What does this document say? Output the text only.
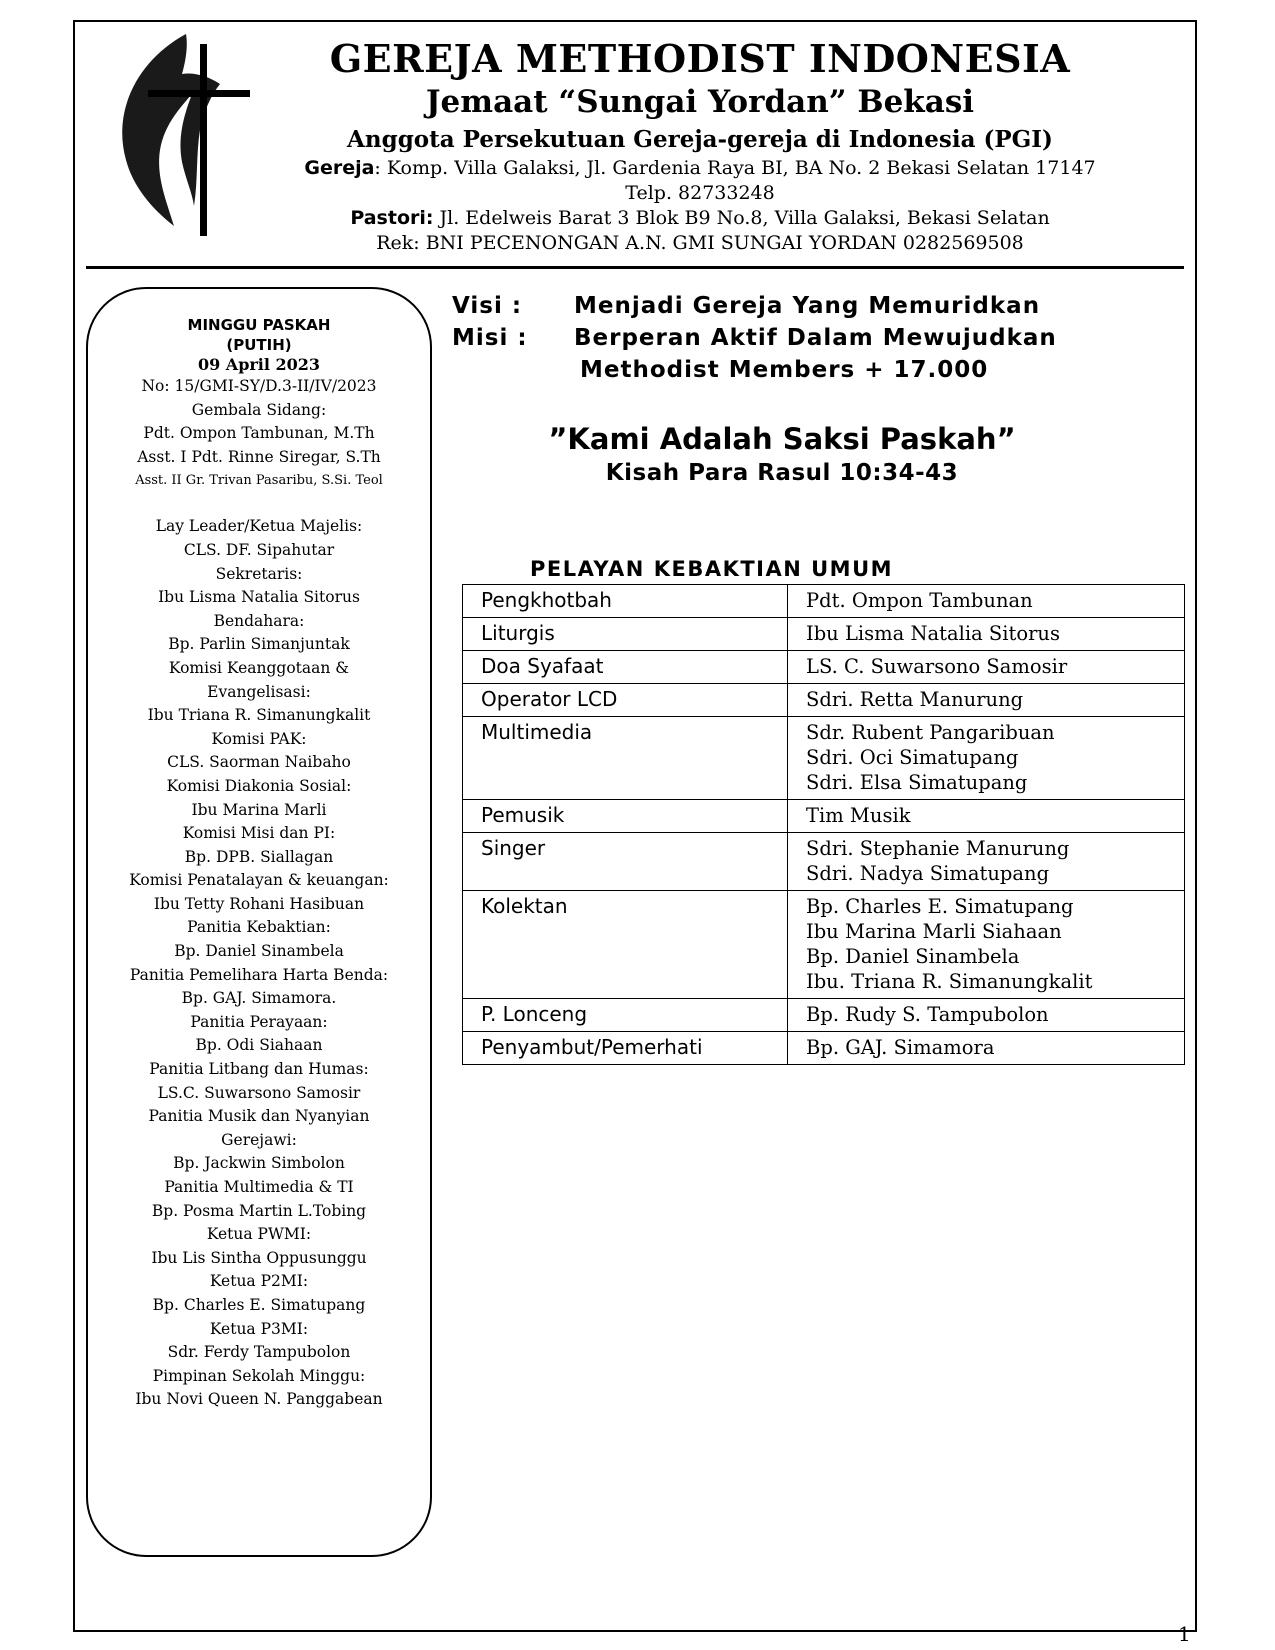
GEREJA METHODIST INDONESIA
Jemaat “Sungai Yordan” Bekasi
Anggota Persekutuan Gereja-gereja di Indonesia (PGI)
Gereja: Komp. Villa Galaksi, Jl. Gardenia Raya BI, BA No. 2 Bekasi Selatan 17147
Telp. 82733248
Pastori: Jl. Edelweis Barat 3 Blok B9 No.8, Villa Galaksi, Bekasi Selatan
Rek: BNI PECENONGAN A.N. GMI SUNGAI YORDAN 0282569508
MINGGU PASKAH
(PUTIH)
09 April 2023
No: 15/GMI-SY/D.3-II/IV/2023
Gembala Sidang:
Pdt. Ompon Tambunan, M.Th
Asst. I Pdt. Rinne Siregar, S.Th
Asst. II Gr. Trivan Pasaribu, S.Si. Teol
Lay Leader/Ketua Majelis:
CLS. DF. Sipahutar
Sekretaris:
Ibu Lisma Natalia Sitorus
Bendahara:
Bp. Parlin Simanjuntak
Komisi Keanggotaan &
Evangelisasi:
Ibu Triana R. Simanungkalit
Komisi PAK:
CLS. Saorman Naibaho
Komisi Diakonia Sosial:
Ibu Marina Marli
Komisi Misi dan PI:
Bp. DPB. Siallagan
Komisi Penatalayan & keuangan:
Ibu Tetty Rohani Hasibuan
Panitia Kebaktian:
Bp. Daniel Sinambela
Panitia Pemelihara Harta Benda:
Bp. GAJ. Simamora.
Panitia Perayaan:
Bp. Odi Siahaan
Panitia Litbang dan Humas:
LS.C. Suwarsono Samosir
Panitia Musik dan Nyanyian
Gerejawi:
Bp. Jackwin Simbolon
Panitia Multimedia & TI
Bp. Posma Martin L.Tobing
Ketua PWMI:
Ibu Lis Sintha Oppusunggu
Ketua P2MI:
Bp. Charles E. Simatupang
Ketua P3MI:
Sdr. Ferdy Tampubolon
Pimpinan Sekolah Minggu:
Ibu Novi Queen N. Panggabean
Visi :	Menjadi Gereja Yang Memuridkan
Misi :	Berperan Aktif Dalam Mewujudkan
Methodist Members + 17.000
”Kami Adalah Saksi Paskah”
Kisah Para Rasul 10:34-43
PELAYAN KEBAKTIAN UMUM
Pengkhotbah	Pdt. Ompon Tambunan

Liturgis	Ibu Lisma Natalia Sitorus

Doa Syafaat	LS. C. Suwarsono Samosir

Operator LCD	Sdri. Retta Manurung

Multimedia	Sdr. Rubent Pangaribuan
Sdri. Oci Simatupang
Sdri. Elsa Simatupang

Pemusik	Tim Musik

Singer	Sdri. Stephanie Manurung
Sdri. Nadya Simatupang

Kolektan	Bp. Charles E. Simatupang
Ibu Marina Marli Siahaan
Bp. Daniel Sinambela
Ibu. Triana R. Simanungkalit

P. Lonceng	Bp. Rudy S. Tampubolon

Penyambut/Pemerhati	Bp. GAJ. Simamora
1
